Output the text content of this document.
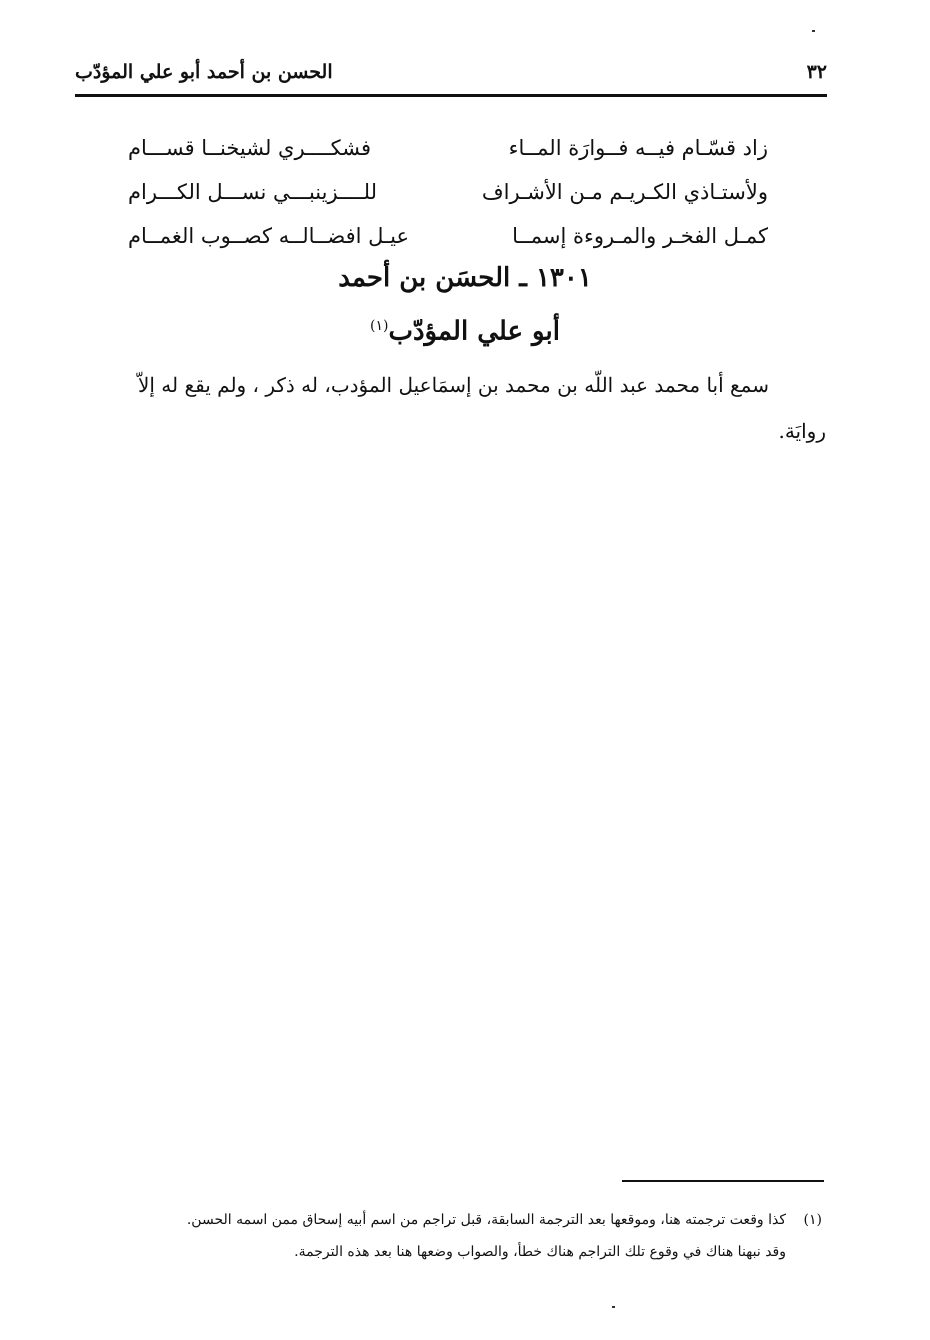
٣٢
الحسن بن أحمد أبو علي المؤدّب
زاد قسّـام فيــه فــوارَة المــاء
فشكــــري لشيخنــا قســـام
ولأستـاذي الكـريـم مـن الأشـراف
للــــزينبـــي نســـل الكـــرام
كمـل الفخـر والمـروءة إسمــا
عيـل افضــالــه كصــوب الغمــام
١٣٠١ ـ الحسَن بن أحمد
أبو علي المؤدّب$^{(١)}$
سمع أبا محمد عبد اللّه بن محمد بن إسمَاعيل المؤدب، له ذكر ، ولم يقع له إلاّ
روايَة.
(١)كذا وقعت ترجمته هنا، وموقعها بعد الترجمة السابقة، قبل تراجم من اسم أبيه إسحاق ممن اسمه الحسن.
وقد نبهنا هناك في وقوع تلك التراجم هناك خطأ، والصواب وضعها هنا بعد هذه الترجمة.
